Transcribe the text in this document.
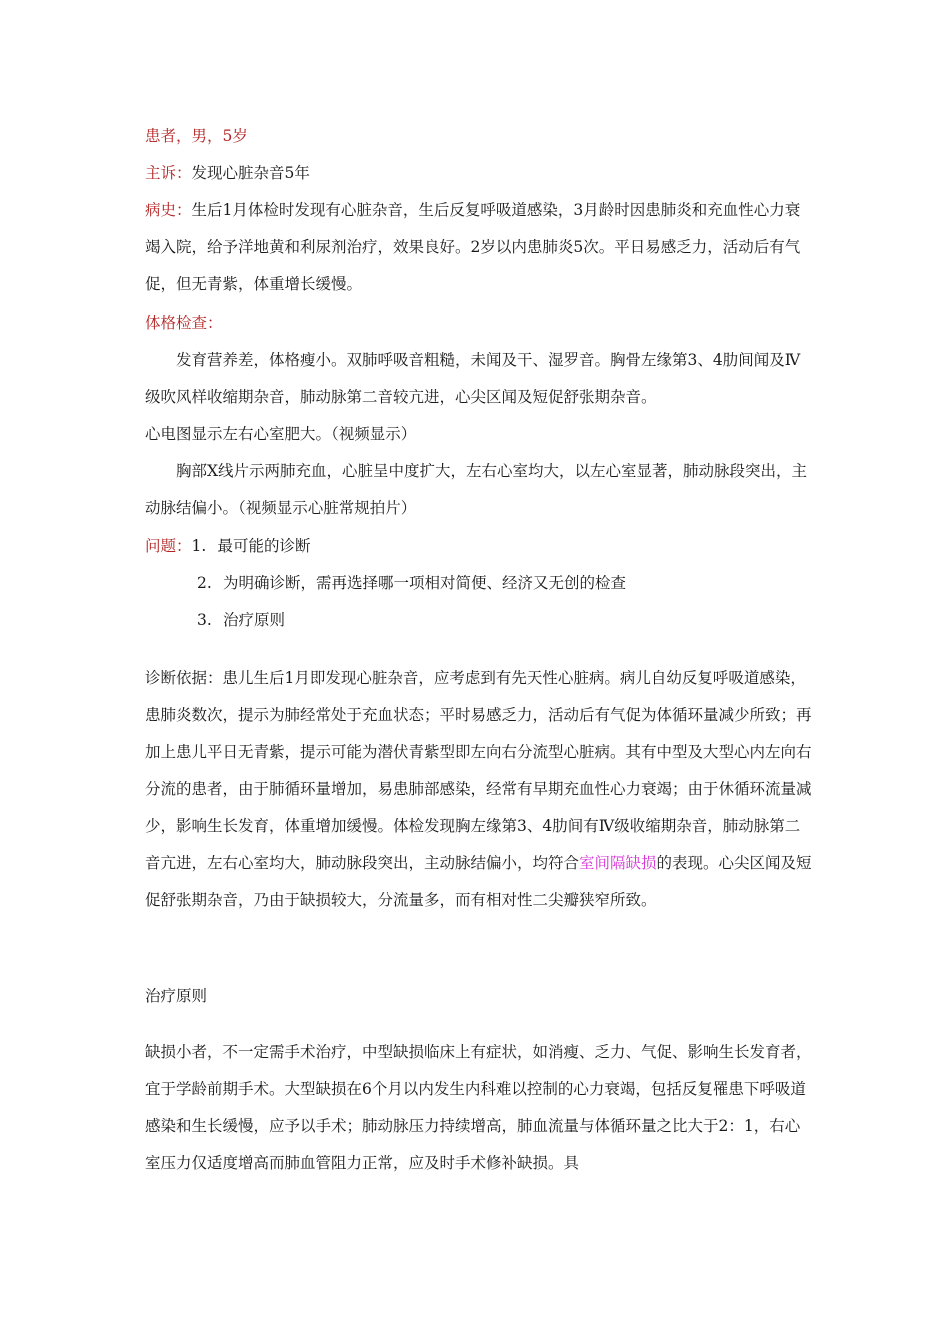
患者，男，5岁
主诉：发现心脏杂音5年
病史：生后1月体检时发现有心脏杂音，生后反复呼吸道感染，3月龄时因患肺炎和充血性心力衰竭入院，给予洋地黄和利尿剂治疗，效果良好。2岁以内患肺炎5次。平日易感乏力，活动后有气促，但无青紫，体重增长缓慢。
体格检查：
发育营养差，体格瘦小。双肺呼吸音粗糙，未闻及干、湿罗音。胸骨左缘第3、4肋间闻及Ⅳ级吹风样收缩期杂音，肺动脉第二音较亢进，心尖区闻及短促舒张期杂音。
心电图显示左右心室肥大。（视频显示）
胸部X线片示两肺充血，心脏呈中度扩大，左右心室均大，以左心室显著，肺动脉段突出，主动脉结偏小。（视频显示心脏常规拍片）
问题：1. 最可能的诊断
2. 为明确诊断，需再选择哪一项相对简便、经济又无创的检查
3. 治疗原则
诊断依据：患儿生后1月即发现心脏杂音，应考虑到有先天性心脏病。病儿自幼反复呼吸道感染，患肺炎数次，提示为肺经常处于充血状态；平时易感乏力，活动后有气促为体循环量减少所致；再加上患儿平日无青紫，提示可能为潜伏青紫型即左向右分流型心脏病。其有中型及大型心内左向右分流的患者，由于肺循环量增加，易患肺部感染，经常有早期充血性心力衰竭；由于休循环流量减少，影响生长发育，体重增加缓慢。体检发现胸左缘第3、4肋间有Ⅳ级收缩期杂音，肺动脉第二音亢进，左右心室均大，肺动脉段突出，主动脉结偏小，均符合室间隔缺损的表现。心尖区闻及短促舒张期杂音，乃由于缺损较大，分流量多，而有相对性二尖瓣狭窄所致。
治疗原则
缺损小者，不一定需手术治疗，中型缺损临床上有症状，如消瘦、乏力、气促、影响生长发育者，宜于学龄前期手术。大型缺损在6个月以内发生内科难以控制的心力衰竭，包括反复罹患下呼吸道感染和生长缓慢，应予以手术；肺动脉压力持续增高，肺血流量与体循环量之比大于2：1，右心室压力仅适度增高而肺血管阻力正常，应及时手术修补缺损。具
